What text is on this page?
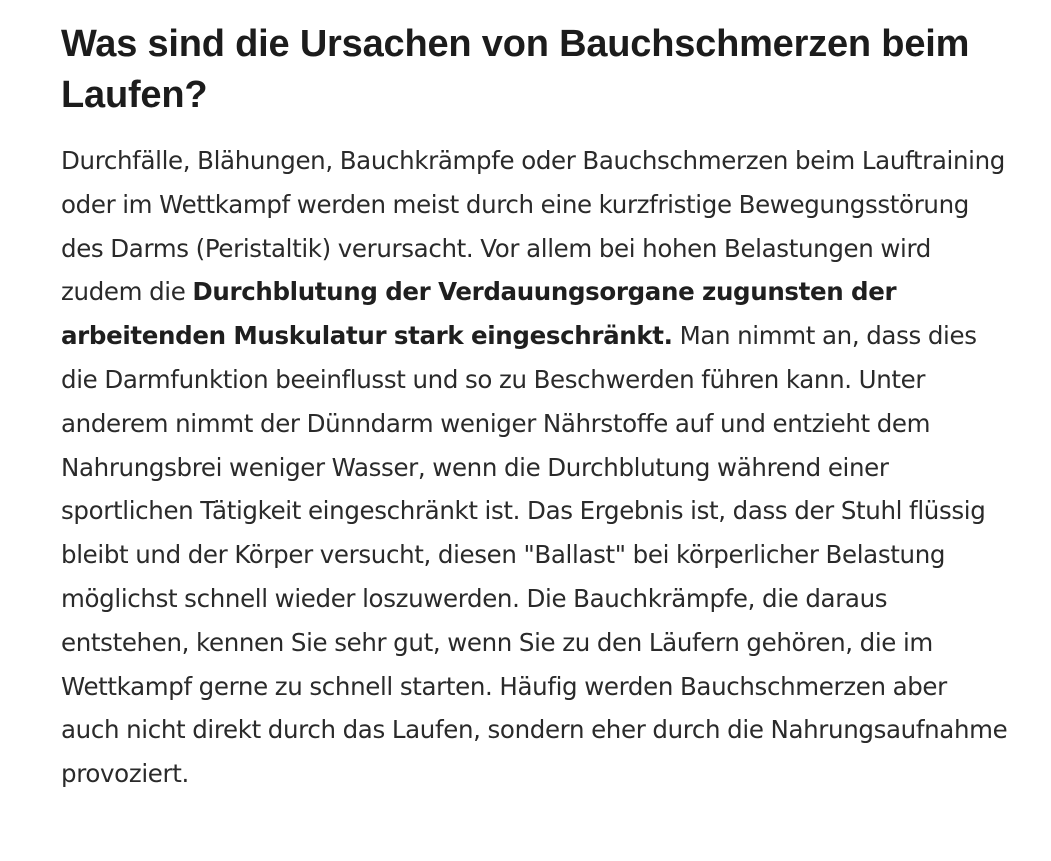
Was sind die Ursachen von Bauchschmerzen beim Laufen?

Durchfälle, Blähungen, Bauchkrämpfe oder Bauchschmerzen beim Lauftraining oder im Wettkampf werden meist durch eine kurzfristige Bewegungsstörung des Darms (Peristaltik) verursacht. Vor allem bei hohen Belastungen wird zudem die Durchblutung der Verdauungsorgane zugunsten der arbeitenden Muskulatur stark eingeschränkt. Man nimmt an, dass dies die Darmfunktion beeinflusst und so zu Beschwerden führen kann. Unter anderem nimmt der Dünndarm weniger Nährstoffe auf und entzieht dem Nahrungsbrei weniger Wasser, wenn die Durchblutung während einer sportlichen Tätigkeit eingeschränkt ist. Das Ergebnis ist, dass der Stuhl flüssig bleibt und der Körper versucht, diesen "Ballast" bei körperlicher Belastung möglichst schnell wieder loszuwerden. Die Bauchkrämpfe, die daraus entstehen, kennen Sie sehr gut, wenn Sie zu den Läufern gehören, die im Wettkampf gerne zu schnell starten. Häufig werden Bauchschmerzen aber auch nicht direkt durch das Laufen, sondern eher durch die Nahrungsaufnahme provoziert.
